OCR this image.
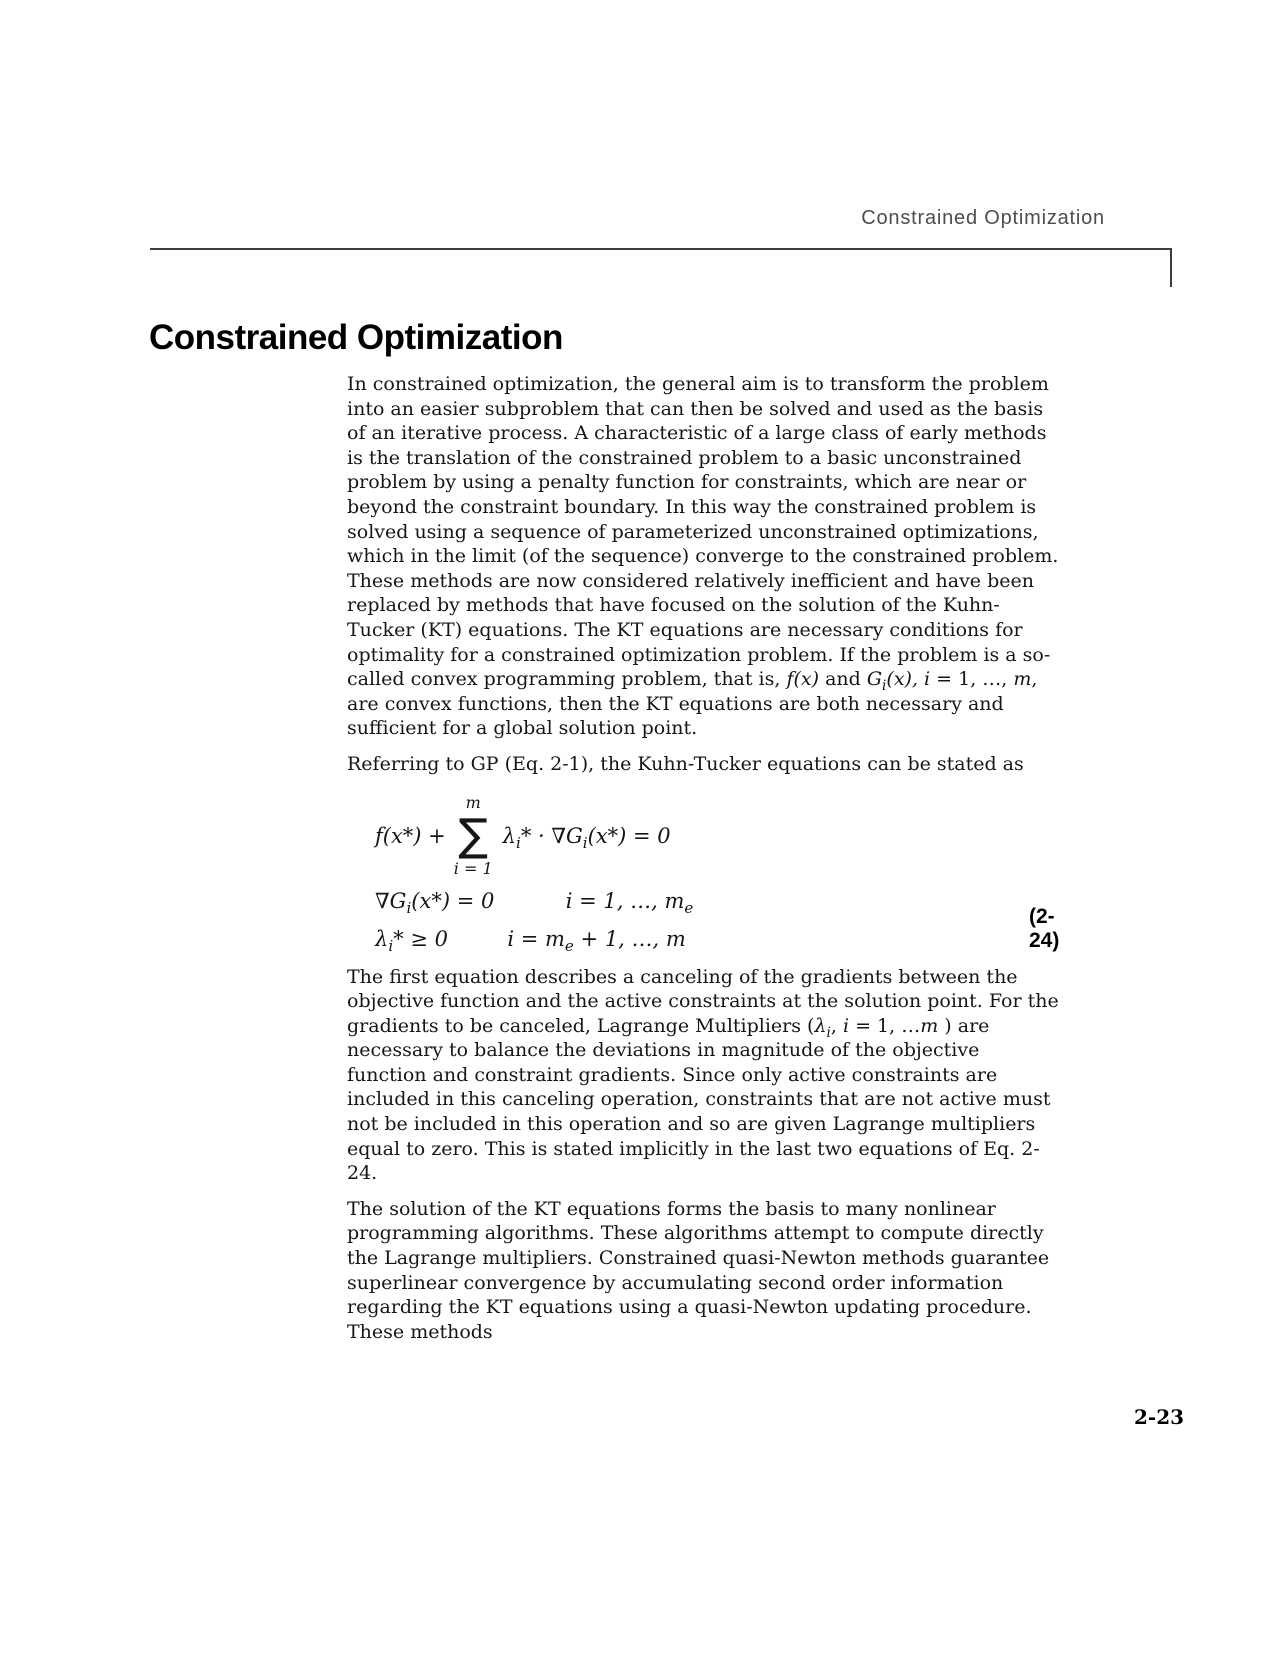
Constrained Optimization
Constrained Optimization

In constrained optimization, the general aim is to transform the problem into an easier subproblem that can then be solved and used as the basis of an iterative process. A characteristic of a large class of early methods is the translation of the constrained problem to a basic unconstrained problem by using a penalty function for constraints, which are near or beyond the constraint boundary. In this way the constrained problem is solved using a sequence of parameterized unconstrained optimizations, which in the limit (of the sequence) converge to the constrained problem. These methods are now considered relatively inefficient and have been replaced by methods that have focused on the solution of the Kuhn-Tucker (KT) equations. The KT equations are necessary conditions for optimality for a constrained optimization problem. If the problem is a so-called convex programming problem, that is, f(x) and $G_i(x)$, i = 1, …, m, are convex functions, then the KT equations are both necessary and sufficient for a global solution point.

Referring to GP (Eq. 2-1), the Kuhn-Tucker equations can be stated as

f(x*) +
m
∑
i = 1
$\lambda_i* \cdot \nabla G_i(x*) = 0$
$\nabla G_i(x*) = 0$	i = 1, …, $m_e$
$\lambda_i* \ge 0$	$i = m_e + 1$, …, m
(2-24)

The first equation describes a canceling of the gradients between the objective function and the active constraints at the solution point. For the gradients to be canceled, Lagrange Multipliers ($\lambda_i$, i = 1, …m ) are necessary to balance the deviations in magnitude of the objective function and constraint gradients. Since only active constraints are included in this canceling operation, constraints that are not active must not be included in this operation and so are given Lagrange multipliers equal to zero. This is stated implicitly in the last two equations of Eq. 2-24.

The solution of the KT equations forms the basis to many nonlinear programming algorithms. These algorithms attempt to compute directly the Lagrange multipliers. Constrained quasi-Newton methods guarantee superlinear convergence by accumulating second order information regarding the KT equations using a quasi-Newton updating procedure. These methods

2-23
